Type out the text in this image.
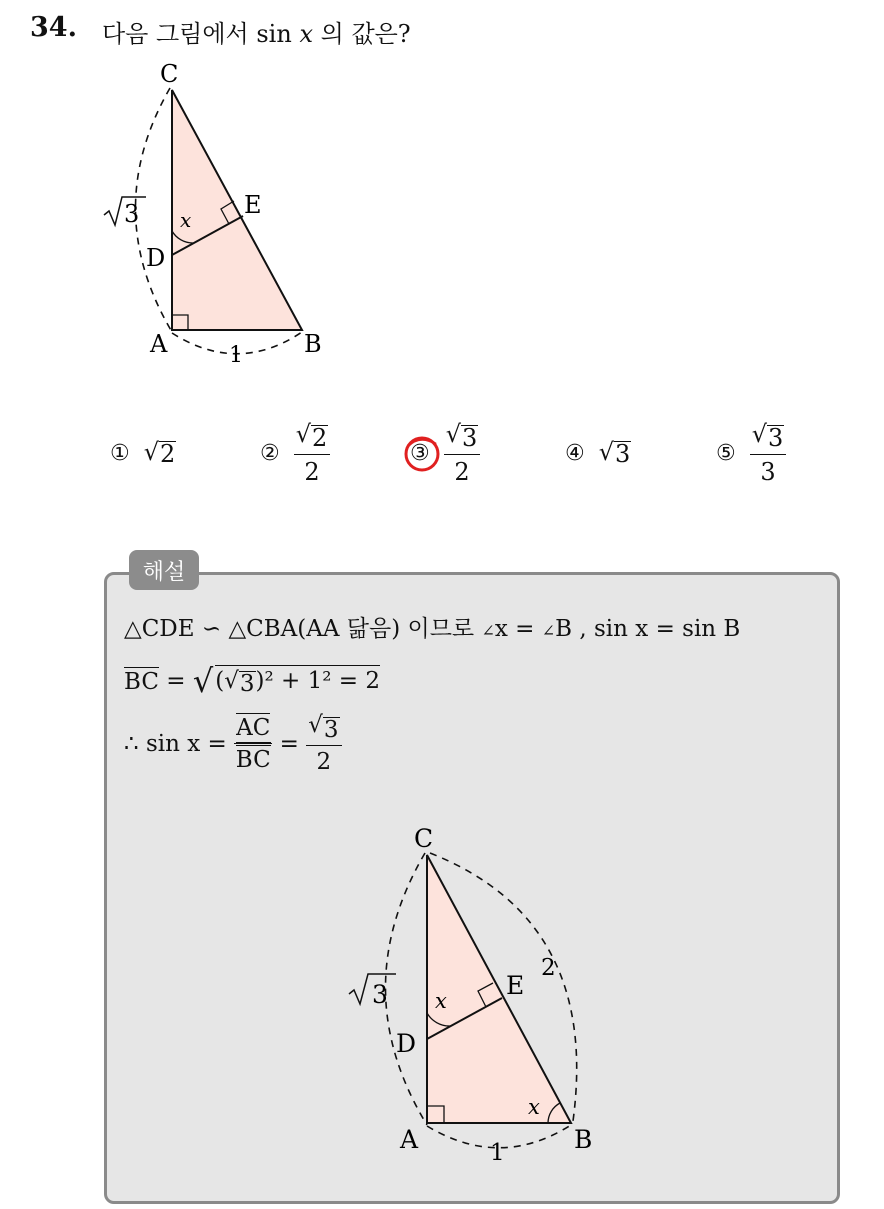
34. 다음 그림에서 sin x 의 값은?
C
E
D
A	B
x
1
3
① √ 2	② $\frac{√ 2}{2}$	③ $\frac{√ 3}{2}$	④ √ 3	⑤ $\frac{√ 3}{3}$
해설
△CDE ∽ △CBA(AA 닮음) 이므로 ∠x = ∠B , sin x = sin B
BC = √ ( √ 3 )² + 1² = 2
∴ $\sin x = \frac{AC}{BC} = \frac{√ 3}{2}$
C
E
D
A	B
x
x
2
1
3
